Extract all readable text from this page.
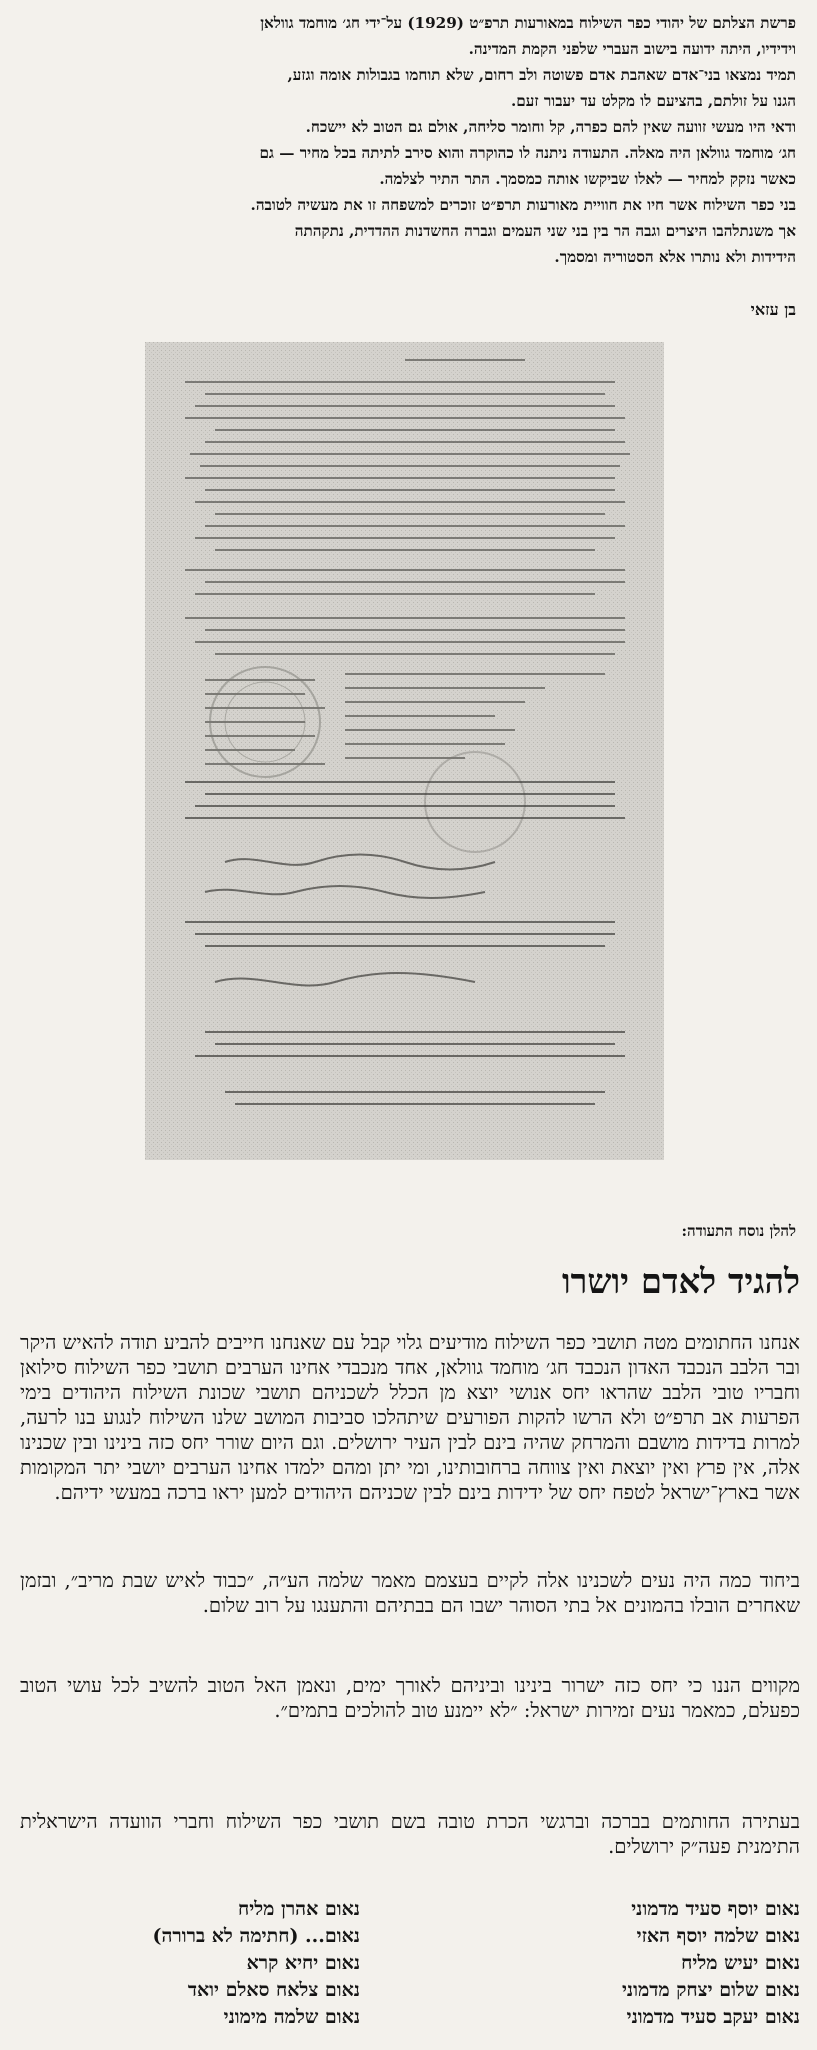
פרשת הצלתם של יהודי כפר השילוח במאורעות תרפ״ט (1929) על־ידי חג׳ מוחמד גוולאן

וידידיו, היתה ידועה בישוב העברי שלפני הקמת המדינה.

תמיד נמצאו בני־אדם שאהבת אדם פשוטה ולב רחום, שלא תוחמו בגבולות אומה וגזע,

הגנו על זולתם, בהציעם לו מקלט עד יעבור זעם.

ודאי היו מעשי זוועה שאין להם כפרה, קל וחומר סליחה, אולם גם הטוב לא יישכח.

חג׳ מוחמד גוולאן היה מאלה. התעודה ניתנה לו כהוקרה והוא סירב לתיתה בכל מחיר — גם

כאשר נזקק למחיר — לאלו שביקשו אותה כמסמך. התר התיר לצלמה.

בני כפר השילוח אשר חיו את חוויית מאורעות תרפ״ט זוכרים למשפחה זו את מעשיה לטובה.

אך משנתלהבו היצרים וגבה הר בין בני שני העמים וגברה החשדנות ההדדית, נתקהתה

הידידות ולא נותרו אלא הסטוריה ומסמך.

בן עזאי
להלן נוסח התעודה:
להגיד לאדם יושרו

אנחנו החתומים מטה תושבי כפר השילוח מודיעים גלוי קבל עם שאנחנו חייבים להביע תודה להאיש היקר ובר הלבב הנכבד האדון הנכבד חג׳ מוחמד גוולאן, אחד מנכבדי אחינו הערבים תושבי כפר השילוח סילואן וחבריו טובי הלבב שהראו יחס אנושי יוצא מן הכלל לשכניהם תושבי שכונת השילוח היהודים בימי הפרעות אב תרפ״ט ולא הרשו להקות הפורעים שיתהלכו סביבות המושב שלנו השילוח לנגוע בנו לרעה, למרות בדידות מושבם והמרחק שהיה בינם לבין העיר ירושלים. וגם היום שורר יחס כזה בינינו ובין שכנינו אלה, אין פרץ ואין יוצאת ואין צווחה ברחובותינו, ומי יתן ומהם ילמדו אחינו הערבים יושבי יתר המקומות אשר בארץ־ישראל לטפח יחס של ידידות בינם לבין שכניהם היהודים למען יראו ברכה במעשי ידיהם.

ביחוד כמה היה נעים לשכנינו אלה לקיים בעצמם מאמר שלמה הע״ה, ״כבוד לאיש שבת מריב״, ובזמן שאחרים הובלו בהמונים אל בתי הסוהר ישבו הם בבתיהם והתענגו על רוב שלום.

מקווים הננו כי יחס כזה ישרור בינינו וביניהם לאורך ימים, ונאמן האל הטוב להשיב לכל עושי הטוב כפעלם, כמאמר נעים זמירות ישראל: ״לא יימנע טוב להולכים בתמים״.

בעתירה החותמים בברכה וברגשי הכרת טובה בשם תושבי כפר השילוח וחברי הוועדה הישראלית התימנית פעה״ק ירושלים.

נאום יוסף סעיד מדמוני
נאום אהרן מליח
נאום שלמה יוסף האזי
נאום... (חתימה לא ברורה)
נאום יעיש מליח
נאום יחיא קרא
נאום שלום יצחק מדמוני
נאום צלאח סאלם יואד
נאום יעקב סעיד מדמוני
נאום שלמה מימוני
